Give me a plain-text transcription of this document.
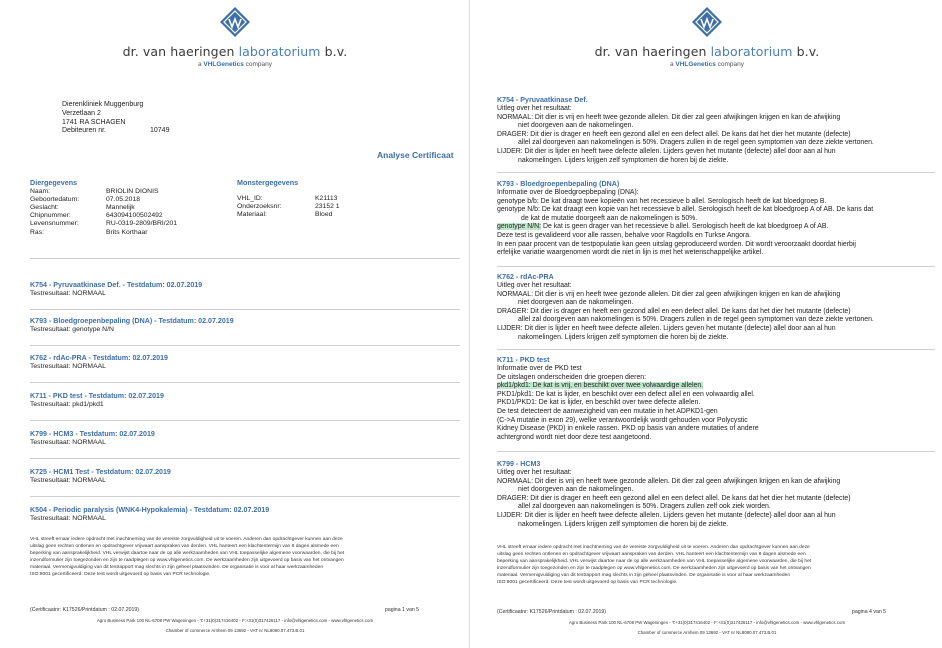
dr. van haeringen laboratorium b.v.
a VHLGenetics company
Dierenkliniek Muggenburg
Verzetlaan 2
1741 RA SCHAGEN
Debiteuren nr.	10749
Analyse Certificaat
Diergegevens
Naam:	BRIOLIN DIONIS
Geboortedatum:	07.05.2018
Geslacht:	Mannelijk
Chipnummer:	643094100502492
Levensnummer:	RU-0319-2809/BRI/201
Ras:	Brits Korthaar
Monstergegevens
VHL_ID:	K21113
Onderzoeksnr:	23152 1
Materiaal:	Bloed
K754 - Pyruvaatkinase Def. - Testdatum: 02.07.2019
Testresultaat: NORMAAL
K793 - Bloedgroepenbepaling (DNA) - Testdatum: 02.07.2019
Testresultaat: genotype N/N
K762 - rdAc-PRA - Testdatum: 02.07.2019
Testresultaat: NORMAAL
K711 - PKD test - Testdatum: 02.07.2019
Testresultaat: pkd1/pkd1
K799 - HCM3 - Testdatum: 02.07.2019
Testresultaat: NORMAAL
K725 - HCM1 Test - Testdatum: 02.07.2019
Testresultaat: NORMAAL
K504 - Periodic paralysis (WNK4-Hypokalemia) - Testdatum: 02.07.2019
Testresultaat: NORMAAL
VHL streeft ernaar iedere opdracht met inachtneming van de vereiste zorgvuldigheid uit te voeren. Anderen dan opdrachtgever kunnen aan deze
uitslag geen rechten ontlenen en opdrachtgever vrijwaart aanspraken van derden. VHL hanteert een klachtentermijn van 8 dagen alsmede een
beperking van aansprakelijkheid. VHL verwijst daartoe naar de op alle werkzaamheden van VHL toepasselijke algemene voorwaarden, die bij het
inzendformulier zijn toegezonden en zijn te raadplegen op www.vhlgenetics.com. De werkzaamheden zijn uitgevoerd op basis van het ontvangen
materiaal. Vermenigvuldiging van dit testrapport mag slechts in zijn geheel plaatsvinden. De organisatie is voor al haar werkzaamheden
ISO:9001 gecertificeerd. Deze test wordt uitgevoerd op basis van PCR technologie.
(Certificaatnr: K17526/Printdatum : 02.07.2019)	pagina 1 van 5
Agro Business Park 100 NL-6708 PW Wageningen - T:+31(0)317416402 - F:+31(0)317426117 - info@vhlgenetics.com - www.vhlgenetics.com
Chamber of commerce Arnhem 09 13692 - VAT nr NL8080.07.473.B.01
dr. van haeringen laboratorium b.v.
a VHLGenetics company
K754 - Pyruvaatkinase Def.
Uitleg over het resultaat:
NORMAAL: Dit dier is vrij en heeft twee gezonde allelen. Dit dier zal geen afwijkingen krijgen en kan de afwijking
niet doorgeven aan de nakomelingen.
DRAGER: Dit dier is drager en heeft een gezond allel en een defect allel. De kans dat het dier het mutante (defecte)
allel zal doorgeven aan nakomelingen is 50%. Dragers zullen in de regel geen symptomen van deze ziekte vertonen.
LIJDER: Dit dier is lijder en heeft twee defecte allelen. Lijders geven het mutante (defecte) allel door aan al hun
nakomelingen. Lijders krijgen zelf symptomen die horen bij de ziekte.
K793 - Bloedgroepenbepaling (DNA)
Informatie over de Bloedgroepbepaling (DNA):
genotype b/b: De kat draagt twee kopieën van het recessieve b allel. Serologisch heeft de kat bloedgroep B.
genotype N/b: De kat draagt een kopie van het recessieve b allel. Serologisch heeft de kat bloedgroep A of AB. De kans dat
de kat de mutatie doorgeeft aan de nakomelingen is 50%.
genotype N/N: De kat is geen drager van het recessieve b allel. Serologisch heeft de kat bloedgroep A of AB.
Deze test is gevalideerd voor alle rassen, behalve voor Ragdolls en Turkse Angora.
In een paar procent van de testpopulatie kan geen uitslag geproduceerd worden. Dit wordt veroorzaakt doordat hierbij
erfelijke variatie waargenomen wordt die niet in lijn is met het wetenschappelijke artikel.
K762 - rdAc-PRA
Uitleg over het resultaat:
NORMAAL: Dit dier is vrij en heeft twee gezonde allelen. Dit dier zal geen afwijkingen krijgen en kan de afwijking
niet doorgeven aan de nakomelingen.
DRAGER: Dit dier is drager en heeft een gezond allel en een defect allel. De kans dat het dier het mutante (defecte)
allel zal doorgeven aan nakomelingen is 50%. Dragers zullen in de regel geen symptomen van deze ziekte vertonen.
LIJDER: Dit dier is lijder en heeft twee defecte allelen. Lijders geven het mutante (defecte) allel door aan al hun
nakomelingen. Lijders krijgen zelf symptomen die horen bij de ziekte.
K711 - PKD test
Informatie over de PKD test
De uitslagen onderscheiden drie groepen dieren:
pkd1/pkd1: De kat is vrij, en beschikt over twee volwaardige allelen.
PKD1/pkd1: De kat is lijder, en beschikt over een defect allel en een volwaardig allel.
PKD1/PKD1: De kat is lijder, en beschikt over twee defecte allelen.
De test detecteert de aanwezigheid van een mutatie in het ADPKD1-gen
(C->A mutatie in exon 29), welke verantwoordelijk wordt gehouden voor Polycystic
Kidney Disease (PKD) in enkele rassen. PKD op basis van andere mutaties of andere
achtergrond wordt niet door deze test aangetoond.
K799 - HCM3
Uitleg over het resultaat:
NORMAAL: Dit dier is vrij en heeft twee gezonde allelen. Dit dier zal geen afwijkingen krijgen en kan de afwijking
niet doorgeven aan de nakomelingen.
DRAGER: Dit dier is drager en heeft een gezond allel en een defect allel. De kans dat het dier het mutante (defecte)
allel zal doorgeven aan nakomelingen is 50%. Dragers zullen zelf ook ziek worden.
LIJDER: Dit dier is lijder en heeft twee defecte allelen. Lijders geven het mutante (defecte) allel door aan al hun
nakomelingen. Lijders krijgen zelf symptomen die horen bij de ziekte.
VHL streeft ernaar iedere opdracht met inachtneming van de vereiste zorgvuldigheid uit te voeren. Anderen dan opdrachtgever kunnen aan deze
uitslag geen rechten ontlenen en opdrachtgever vrijwaart aanspraken van derden. VHL hanteert een klachtentermijn van 8 dagen alsmede een
beperking van aansprakelijkheid. VHL verwijst daartoe naar de op alle werkzaamheden van VHL toepasselijke algemene voorwaarden, die bij het
inzendformulier zijn toegezonden en zijn te raadplegen op www.vhlgenetics.com. De werkzaamheden zijn uitgevoerd op basis van het ontvangen
materiaal. Vermenigvuldiging van dit testrapport mag slechts in zijn geheel plaatsvinden. De organisatie is voor al haar werkzaamheden
ISO:9001 gecertificeerd. Deze test wordt uitgevoerd op basis van PCR technologie.
(Certificaatnr: K17526/Printdatum : 02.07.2019)	pagina 4 van 5
Agro Business Park 100 NL-6708 PW Wageningen - T:+31(0)317416402 - F:+31(0)317426117 - info@vhlgenetics.com - www.vhlgenetics.com
Chamber of commerce Arnhem 09 13692 - VAT nr NL8080.07.473.B.01
